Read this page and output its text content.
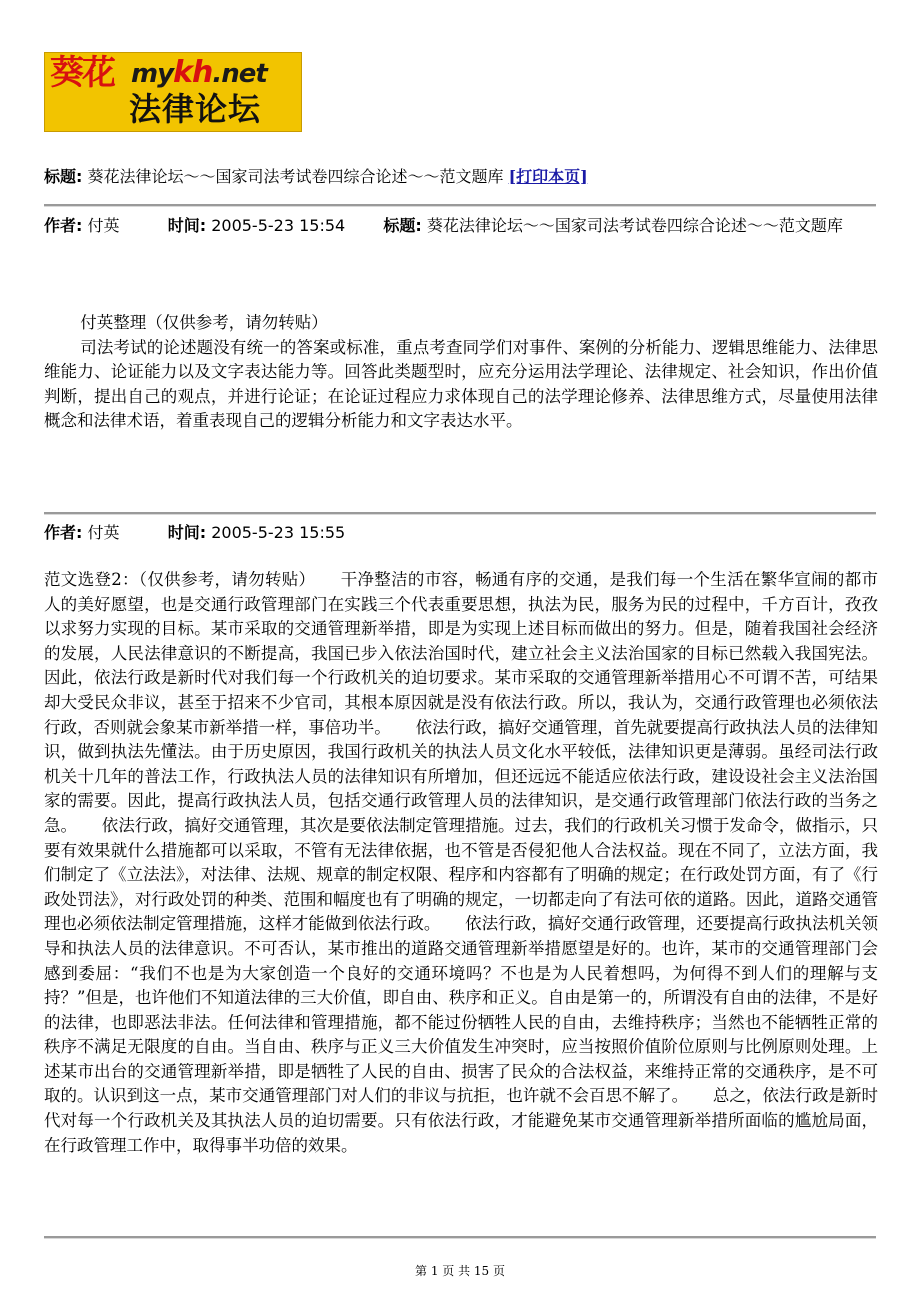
葵花 mykh.net
法律论坛
标题: 葵花法律论坛～～国家司法考试卷四综合论述～～范文题库 [打印本页]
作者: 付英	时间: 2005-5-23 15:54 标题: 葵花法律论坛～～国家司法考试卷四综合论述～～范文题库
付英整理（仅供参考，请勿转贴）
司法考试的论述题没有统一的答案或标准，重点考查同学们对事件、案例的分析能力、逻辑思维能力、法律思维能力、论证能力以及文字表达能力等。回答此类题型时，应充分运用法学理论、法律规定、社会知识，作出价值判断，提出自己的观点，并进行论证；在论证过程应力求体现自己的法学理论修养、法律思维方式，尽量使用法律概念和法律术语，着重表现自己的逻辑分析能力和文字表达水平。
作者: 付英	时间: 2005-5-23 15:55
范文选登2：（仅供参考，请勿转贴）　　干净整洁的市容，畅通有序的交通，是我们每一个生活在繁华宣闹的都市人的美好愿望，也是交通行政管理部门在实践三个代表重要思想，执法为民，服务为民的过程中，千方百计，孜孜以求努力实现的目标。某市采取的交通管理新举措，即是为实现上述目标而做出的努力。但是，随着我国社会经济的发展，人民法律意识的不断提高，我国已步入依法治国时代，建立社会主义法治国家的目标已然载入我国宪法。因此，依法行政是新时代对我们每一个行政机关的迫切要求。某市采取的交通管理新举措用心不可谓不苦，可结果却大受民众非议，甚至于招来不少官司，其根本原因就是没有依法行政。所以，我认为，交通行政管理也必须依法行政，否则就会象某市新举措一样，事倍功半。　　依法行政，搞好交通管理，首先就要提高行政执法人员的法律知识，做到执法先懂法。由于历史原因，我国行政机关的执法人员文化水平较低，法律知识更是薄弱。虽经司法行政机关十几年的普法工作，行政执法人员的法律知识有所增加，但还远远不能适应依法行政，建设设社会主义法治国家的需要。因此，提高行政执法人员，包括交通行政管理人员的法律知识，是交通行政管理部门依法行政的当务之急。　　依法行政，搞好交通管理，其次是要依法制定管理措施。过去，我们的行政机关习惯于发命令，做指示，只要有效果就什么措施都可以采取，不管有无法律依据，也不管是否侵犯他人合法权益。现在不同了，立法方面，我们制定了《立法法》，对法律、法规、规章的制定权限、程序和内容都有了明确的规定；在行政处罚方面，有了《行政处罚法》，对行政处罚的种类、范围和幅度也有了明确的规定，一切都走向了有法可依的道路。因此，道路交通管理也必须依法制定管理措施，这样才能做到依法行政。　　依法行政，搞好交通行政管理，还要提高行政执法机关领导和执法人员的法律意识。不可否认，某市推出的道路交通管理新举措愿望是好的。也许，某市的交通管理部门会感到委屈：“我们不也是为大家创造一个良好的交通环境吗？不也是为人民着想吗，为何得不到人们的理解与支持？”但是，也许他们不知道法律的三大价值，即自由、秩序和正义。自由是第一的，所谓没有自由的法律，不是好的法律，也即恶法非法。任何法律和管理措施，都不能过份牺牲人民的自由，去维持秩序；当然也不能牺牲正常的秩序不满足无限度的自由。当自由、秩序与正义三大价值发生冲突时，应当按照价值阶位原则与比例原则处理。上述某市出台的交通管理新举措，即是牺牲了人民的自由、损害了民众的合法权益，来维持正常的交通秩序，是不可取的。认识到这一点，某市交通管理部门对人们的非议与抗拒，也许就不会百思不解了。　　总之，依法行政是新时代对每一个行政机关及其执法人员的迫切需要。只有依法行政，才能避免某市交通管理新举措所面临的尴尬局面，在行政管理工作中，取得事半功倍的效果。
第 1 页 共 15 页
